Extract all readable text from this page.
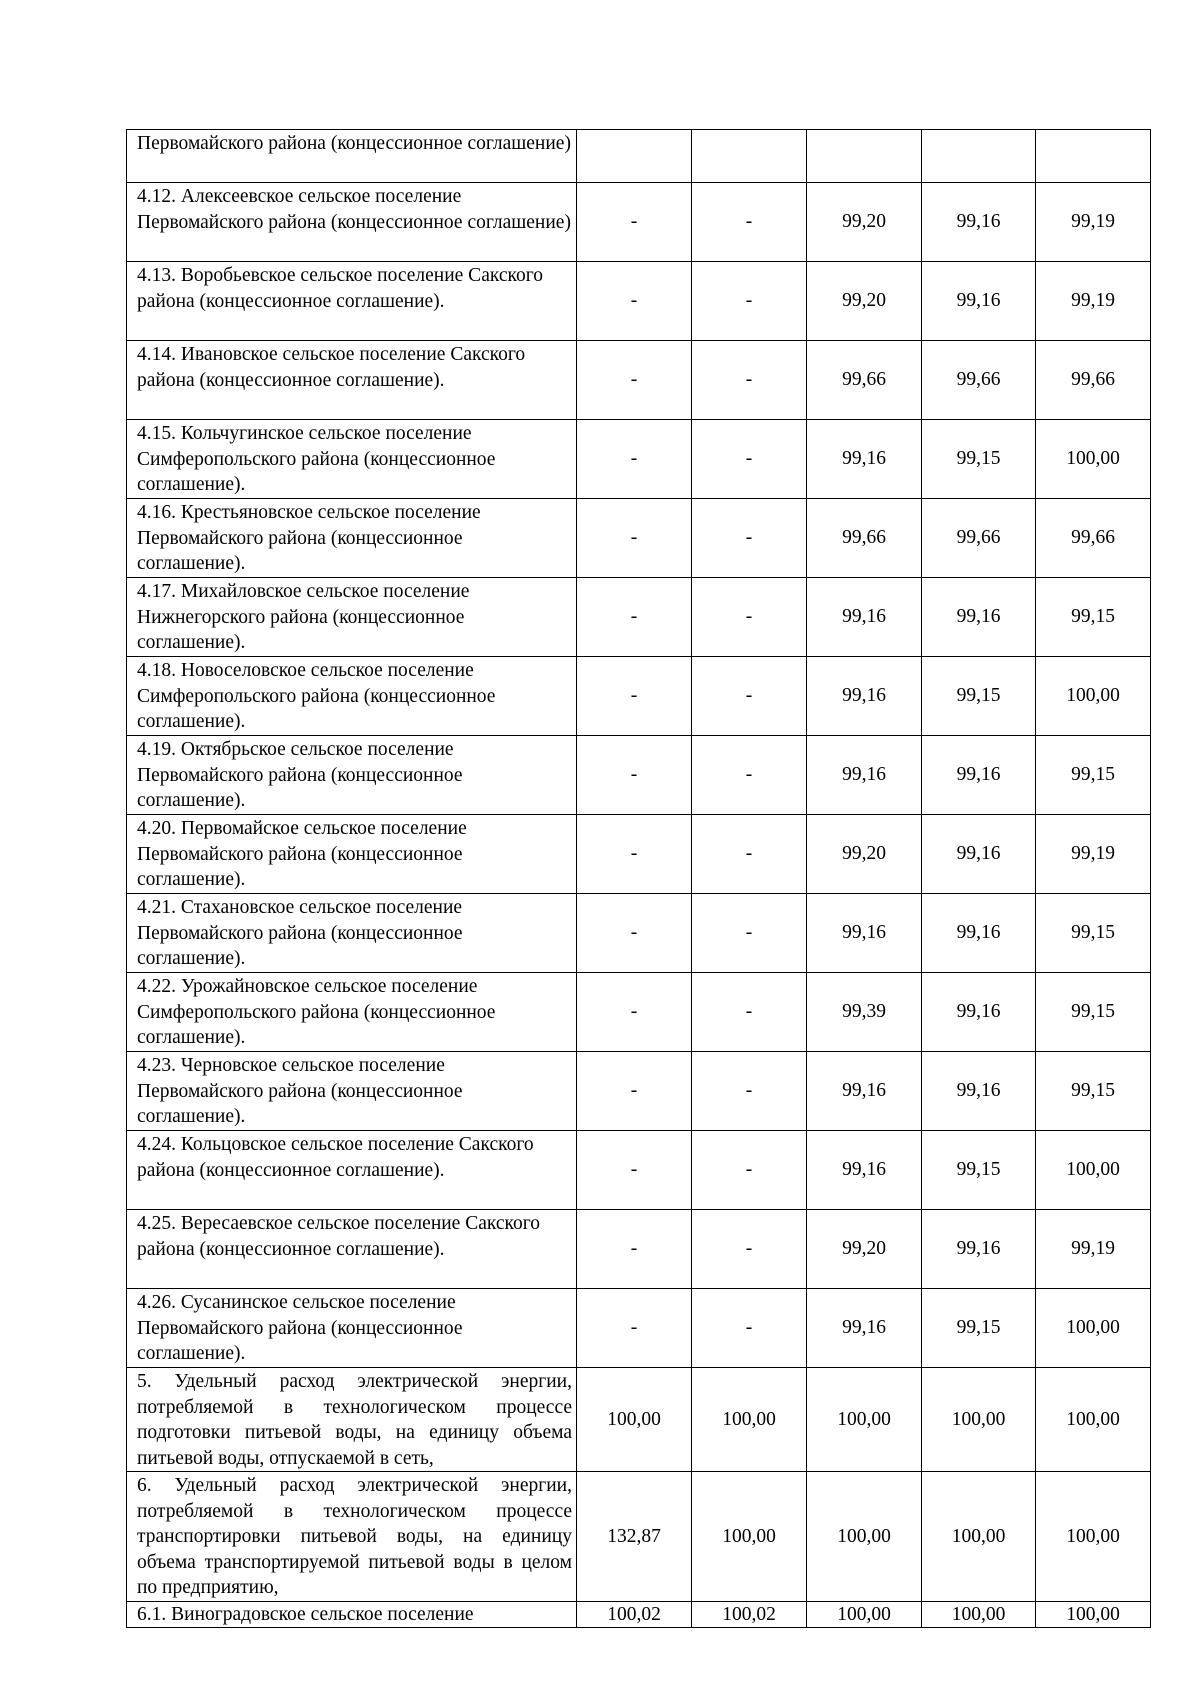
Первомайского района (концессионное соглашение)					
4.12. Алексеевское сельское поселение Первомайского района (концессионное соглашение)	-	-	99,20	99,16	99,19
4.13. Воробьевское сельское поселение Сакского района (концессионное соглашение).	-	-	99,20	99,16	99,19
4.14. Ивановское сельское поселение Сакского района (концессионное соглашение).	-	-	99,66	99,66	99,66
4.15. Кольчугинское сельское поселение Симферопольского района (концессионное соглашение).	-	-	99,16	99,15	100,00
4.16. Крестьяновское сельское поселение Первомайского района (концессионное соглашение).	-	-	99,66	99,66	99,66
4.17. Михайловское сельское поселение Нижнегорского района (концессионное соглашение).	-	-	99,16	99,16	99,15
4.18. Новоселовское сельское поселение Симферопольского района (концессионное соглашение).	-	-	99,16	99,15	100,00
4.19. Октябрьское сельское поселение Первомайского района (концессионное соглашение).	-	-	99,16	99,16	99,15
4.20. Первомайское сельское поселение Первомайского района (концессионное соглашение).	-	-	99,20	99,16	99,19
4.21. Стахановское сельское поселение Первомайского района (концессионное соглашение).	-	-	99,16	99,16	99,15
4.22. Урожайновское сельское поселение Симферопольского района (концессионное соглашение).	-	-	99,39	99,16	99,15
4.23. Черновское сельское поселение Первомайского района (концессионное соглашение).	-	-	99,16	99,16	99,15
4.24. Кольцовское сельское поселение Сакского района (концессионное соглашение).	-	-	99,16	99,15	100,00
4.25. Вересаевское сельское поселение Сакского района (концессионное соглашение).	-	-	99,20	99,16	99,19
4.26. Сусанинское сельское поселение Первомайского района (концессионное соглашение).	-	-	99,16	99,15	100,00
5. Удельный расход электрической энергии, потребляемой в технологическом процессе подготовки питьевой воды, на единицу объема питьевой воды, отпускаемой в сеть,	100,00	100,00	100,00	100,00	100,00
6. Удельный расход электрической энергии, потребляемой в технологическом процессе транспортировки питьевой воды, на единицу объема транспортируемой питьевой воды в целом по предприятию,	132,87	100,00	100,00	100,00	100,00
6.1. Виноградовское сельское поселение	100,02	100,02	100,00	100,00	100,00
